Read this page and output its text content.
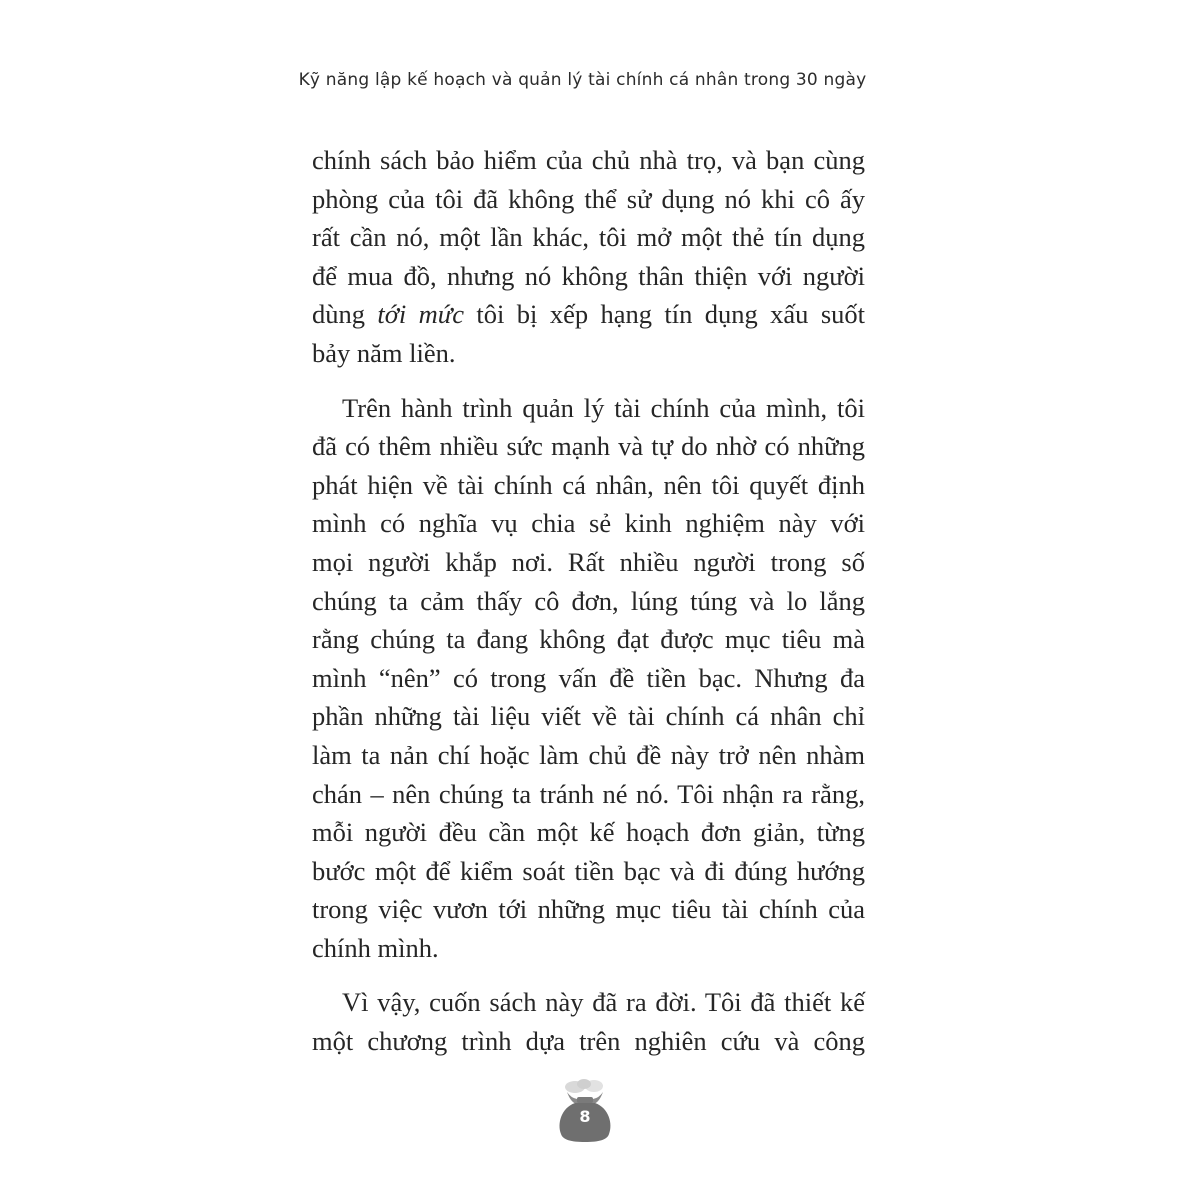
Kỹ năng lập kế hoạch và quản lý tài chính cá nhân trong 30 ngày

chính sách bảo hiểm của chủ nhà trọ, và bạn cùng
phòng của tôi đã không thể sử dụng nó khi cô ấy
rất cần nó, một lần khác, tôi mở một thẻ tín dụng
để mua đồ, nhưng nó không thân thiện với người
dùng tới mức tôi bị xếp hạng tín dụng xấu suốt
bảy năm liền.

Trên hành trình quản lý tài chính của mình, tôi
đã có thêm nhiều sức mạnh và tự do nhờ có những
phát hiện về tài chính cá nhân, nên tôi quyết định
mình có nghĩa vụ chia sẻ kinh nghiệm này với
mọi người khắp nơi. Rất nhiều người trong số
chúng ta cảm thấy cô đơn, lúng túng và lo lắng
rằng chúng ta đang không đạt được mục tiêu mà
mình “nên” có trong vấn đề tiền bạc. Nhưng đa
phần những tài liệu viết về tài chính cá nhân chỉ
làm ta nản chí hoặc làm chủ đề này trở nên nhàm
chán – nên chúng ta tránh né nó. Tôi nhận ra rằng,
mỗi người đều cần một kế hoạch đơn giản, từng
bước một để kiểm soát tiền bạc và đi đúng hướng
trong việc vươn tới những mục tiêu tài chính của
chính mình.

Vì vậy, cuốn sách này đã ra đời. Tôi đã thiết kế
một chương trình dựa trên nghiên cứu và công

8
